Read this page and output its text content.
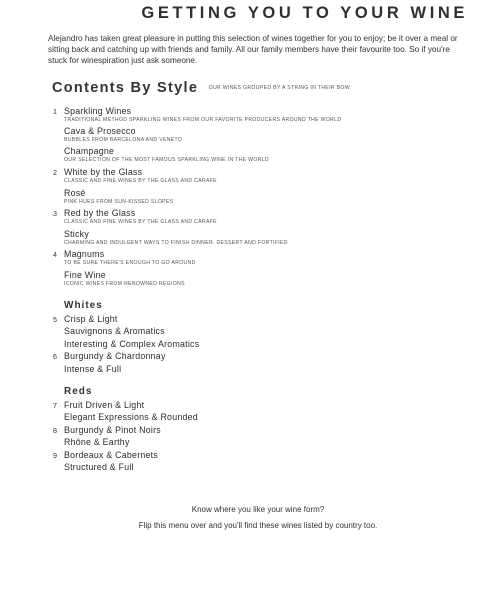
GETTING YOU TO YOUR WINE
Alejandro has taken great pleasure in putting this selection of wines together for you to enjoy; be it over a meal or sitting back and catching up with friends and family. All our family members have their favourite too. So if you're stuck for winespiration just ask someone.
Contents By Style OUR WINES GROUPED BY A STRING IN THEIR BOW
1 Sparkling Wines
TRADITIONAL METHOD SPARKLING WINES FROM OUR FAVORITE PRODUCERS AROUND THE WORLD
Cava & Prosecco
BUBBLES FROM BARCELONA AND VENETO
Champagne
OUR SELECTION OF THE MOST FAMOUS SPARKLING WINE IN THE WORLD
2 White by the Glass
CLASSIC AND FINE WINES BY THE GLASS AND CARAFE
Rosé
PINK HUES FROM SUN-KISSED SLOPES
3 Red by the Glass
CLASSIC AND FINE WINES BY THE GLASS AND CARAFE
Sticky
CHARMING AND INDULGENT WAYS TO FINISH DINNER. DESSERT AND FORTIFIED
4 Magnums
TO BE SURE THERE'S ENOUGH TO GO AROUND
Fine Wine
ICONIC WINES FROM RENOWNED REGIONS
Whites
5 Crisp & Light
Sauvignons & Aromatics
Interesting & Complex Aromatics
6 Burgundy & Chardonnay
Intense & Full
Reds
7 Fruit Driven & Light
Elegant Expressions & Rounded
8 Burgundy & Pinot Noirs
Rhône & Earthy
9 Bordeaux & Cabernets
Structured & Full
Know where you like your wine form?
Flip this menu over and you'll find these wines listed by country too.
